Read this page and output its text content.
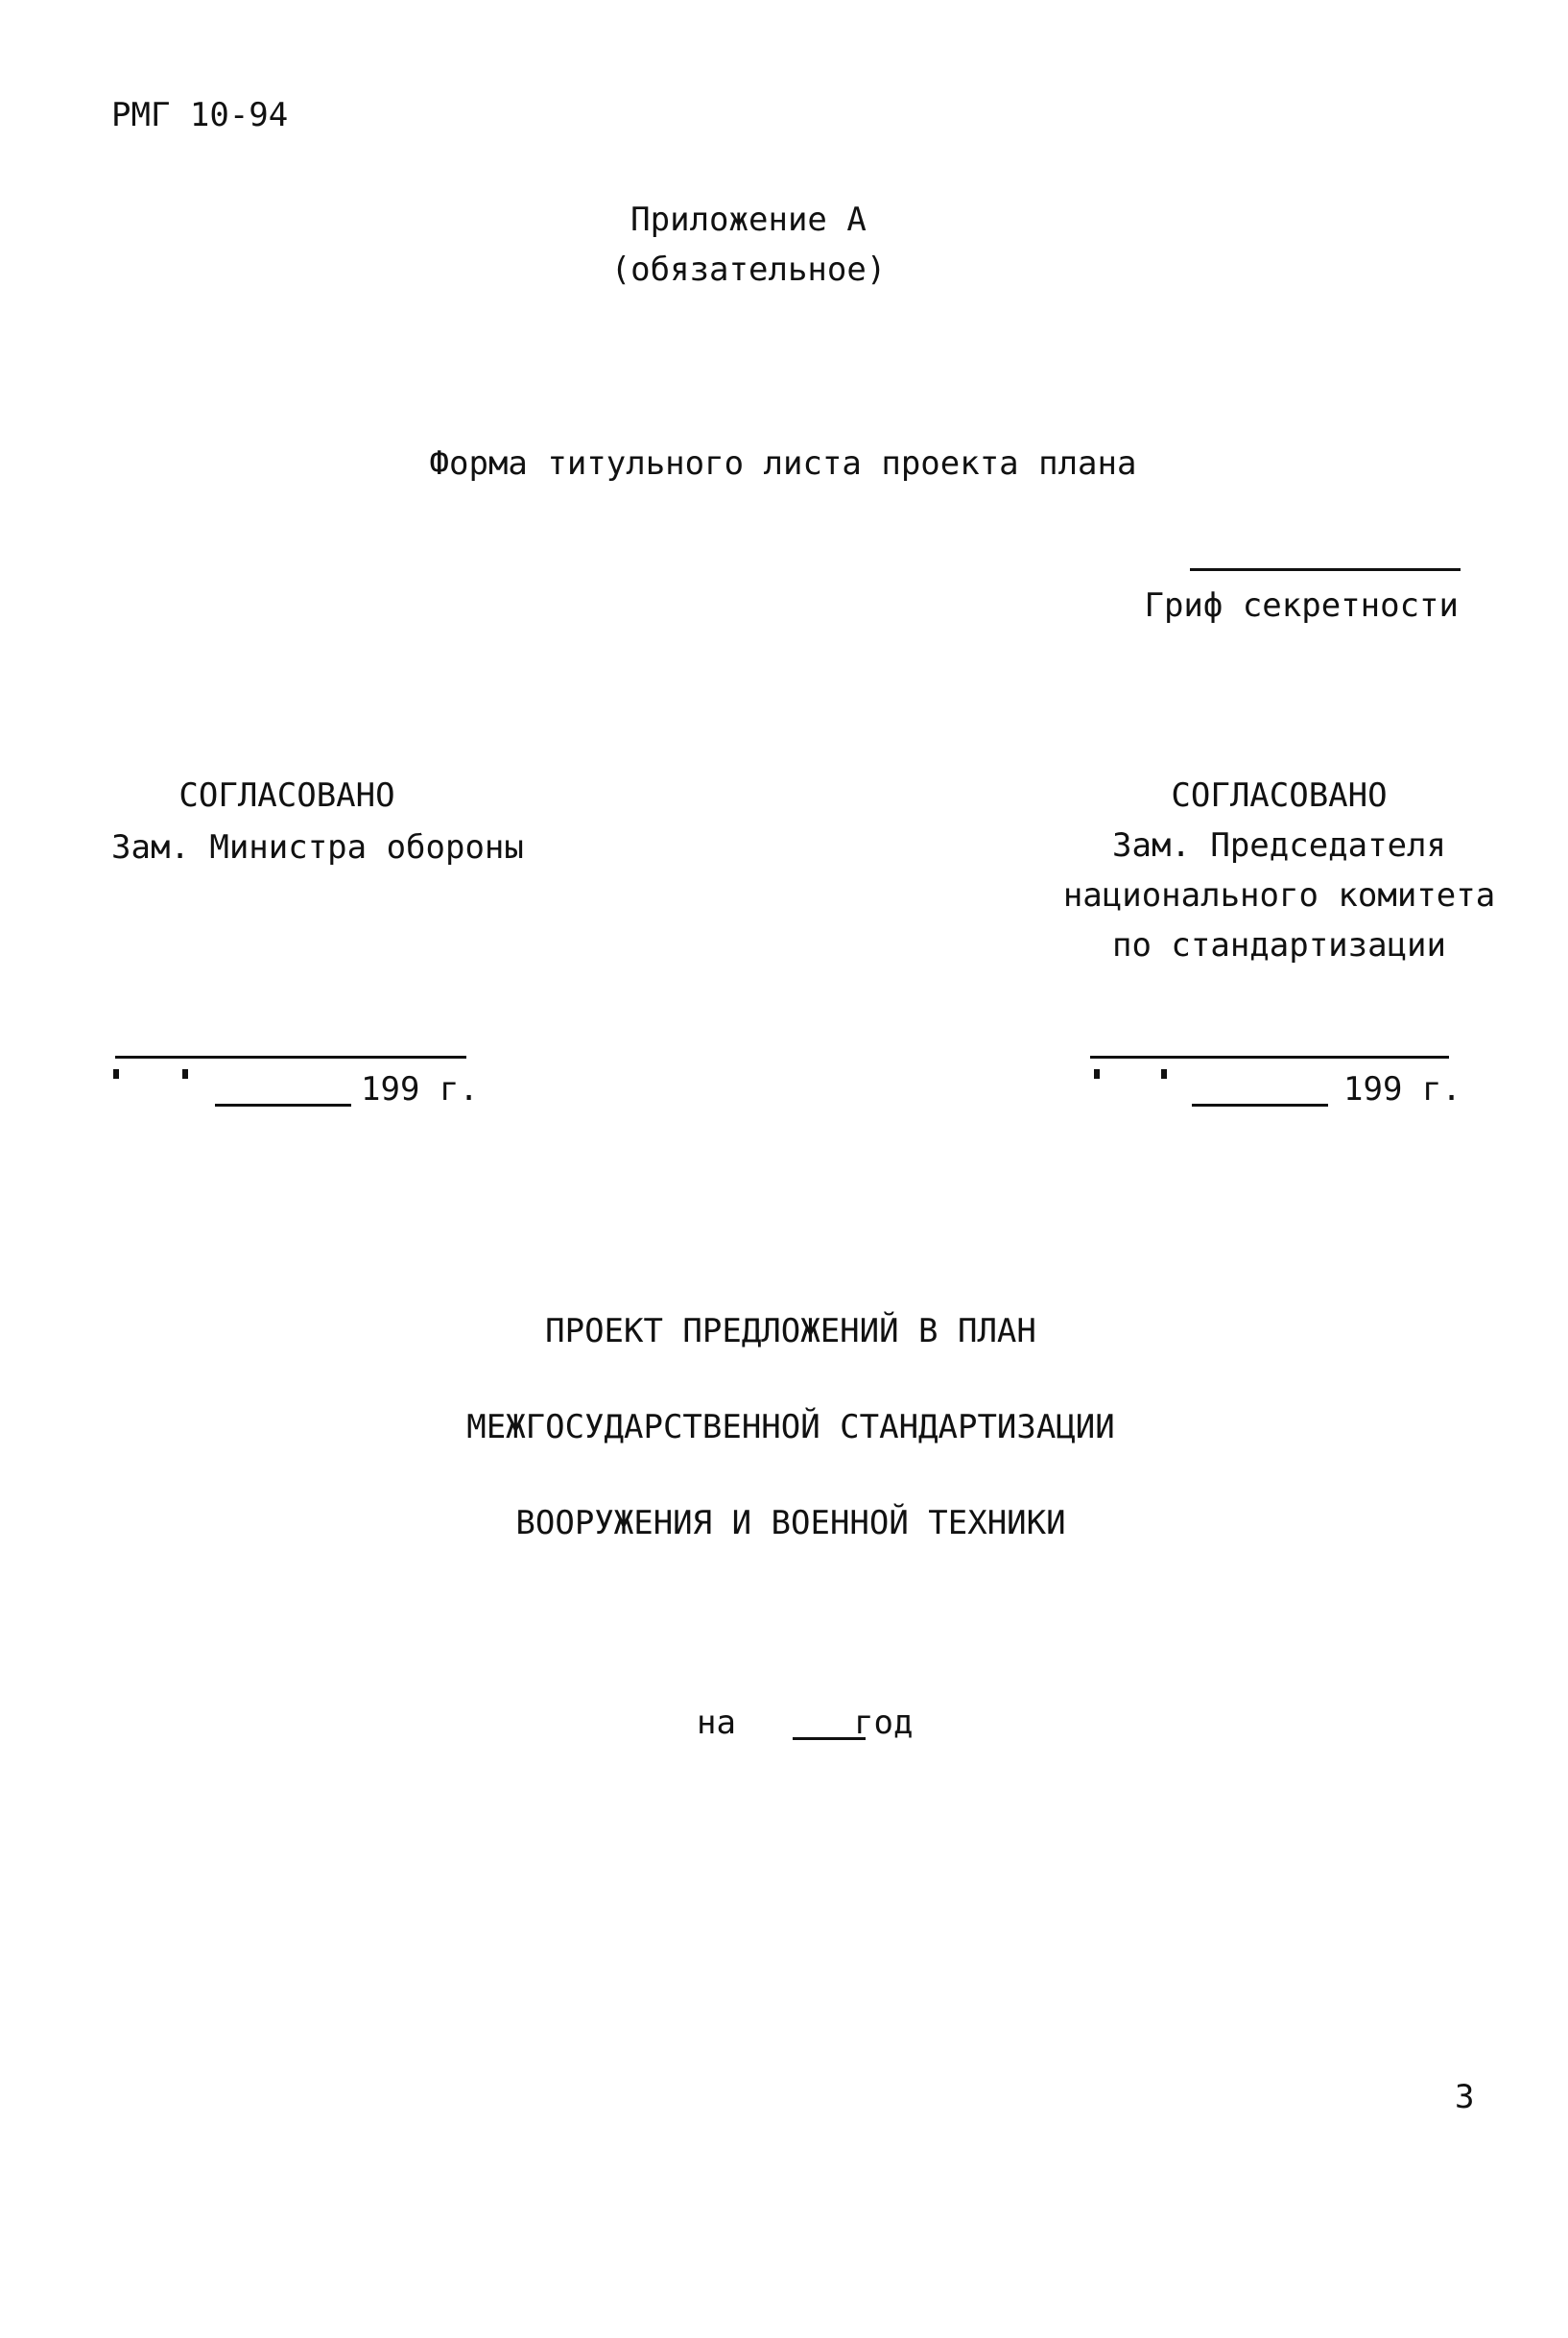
РМГ 10-94
Приложение А
(обязательное)
Форма титульного листа проекта плана
Гриф секретности
СОГЛАСОВАНО
Зам. Министра обороны
199 г.
СОГЛАСОВАНО
Зам. Председателя
национального комитета
по стандартизации
199 г.
ПРОЕКТ ПРЕДЛОЖЕНИЙ В ПЛАН
МЕЖГОСУДАРСТВЕННОЙ СТАНДАРТИЗАЦИИ
ВООРУЖЕНИЯ И ВОЕННОЙ ТЕХНИКИ
на	год
3
